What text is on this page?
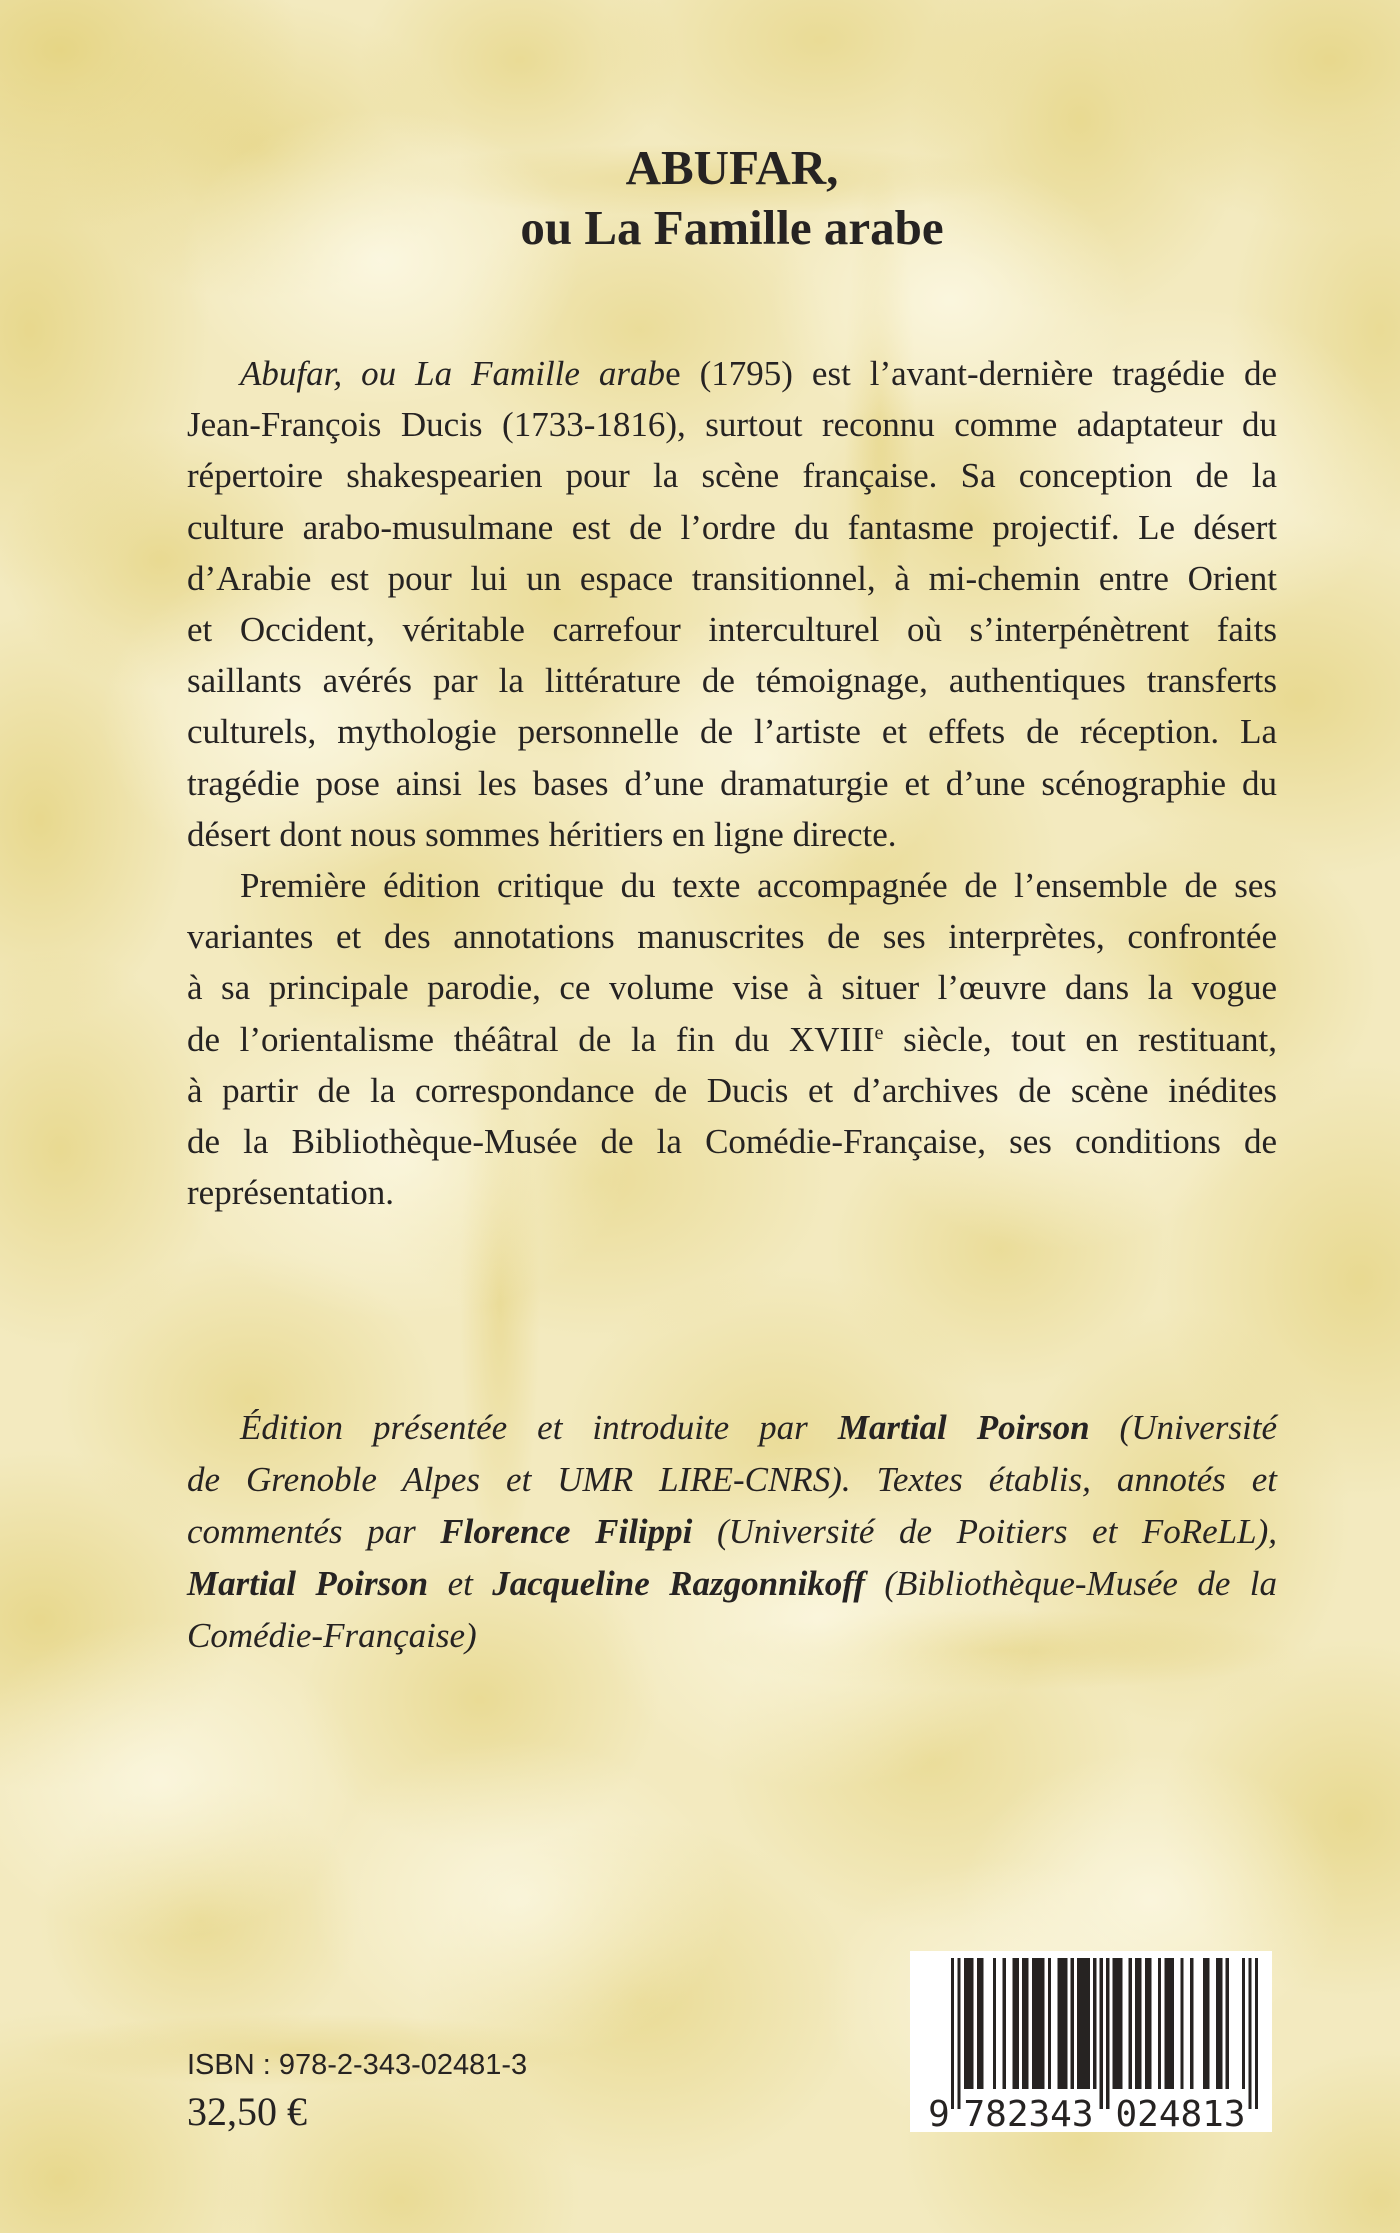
ABUFAR,
ou La Famille arabe
Abufar, ou La Famille arabe (1795) est l’avant-dernière tragédie de
Jean-François Ducis (1733-1816), surtout reconnu comme adaptateur du
répertoire shakespearien pour la scène française. Sa conception de la
culture arabo-musulmane est de l’ordre du fantasme projectif. Le désert
d’Arabie est pour lui un espace transitionnel, à mi-chemin entre Orient
et Occident, véritable carrefour interculturel où s’interpénètrent faits
saillants avérés par la littérature de témoignage, authentiques transferts
culturels, mythologie personnelle de l’artiste et effets de réception. La
tragédie pose ainsi les bases d’une dramaturgie et d’une scénographie du
désert dont nous sommes héritiers en ligne directe.
Première édition critique du texte accompagnée de l’ensemble de ses
variantes et des annotations manuscrites de ses interprètes, confrontée
à sa principale parodie, ce volume vise à situer l’œuvre dans la vogue
de l’orientalisme théâtral de la fin du XVIIIe siècle, tout en restituant,
à partir de la correspondance de Ducis et d’archives de scène inédites
de la Bibliothèque-Musée de la Comédie-Française, ses conditions de
représentation.
Édition présentée et introduite par Martial Poirson (Université
de Grenoble Alpes et UMR LIRE-CNRS). Textes établis, annotés et
commentés par Florence Filippi (Université de Poitiers et FoReLL),
Martial Poirson et Jacqueline Razgonnikoff (Bibliothèque-Musée de la
Comédie-Française)
ISBN : 978-2-343-02481-3
32,50 €	9 782343 024813
